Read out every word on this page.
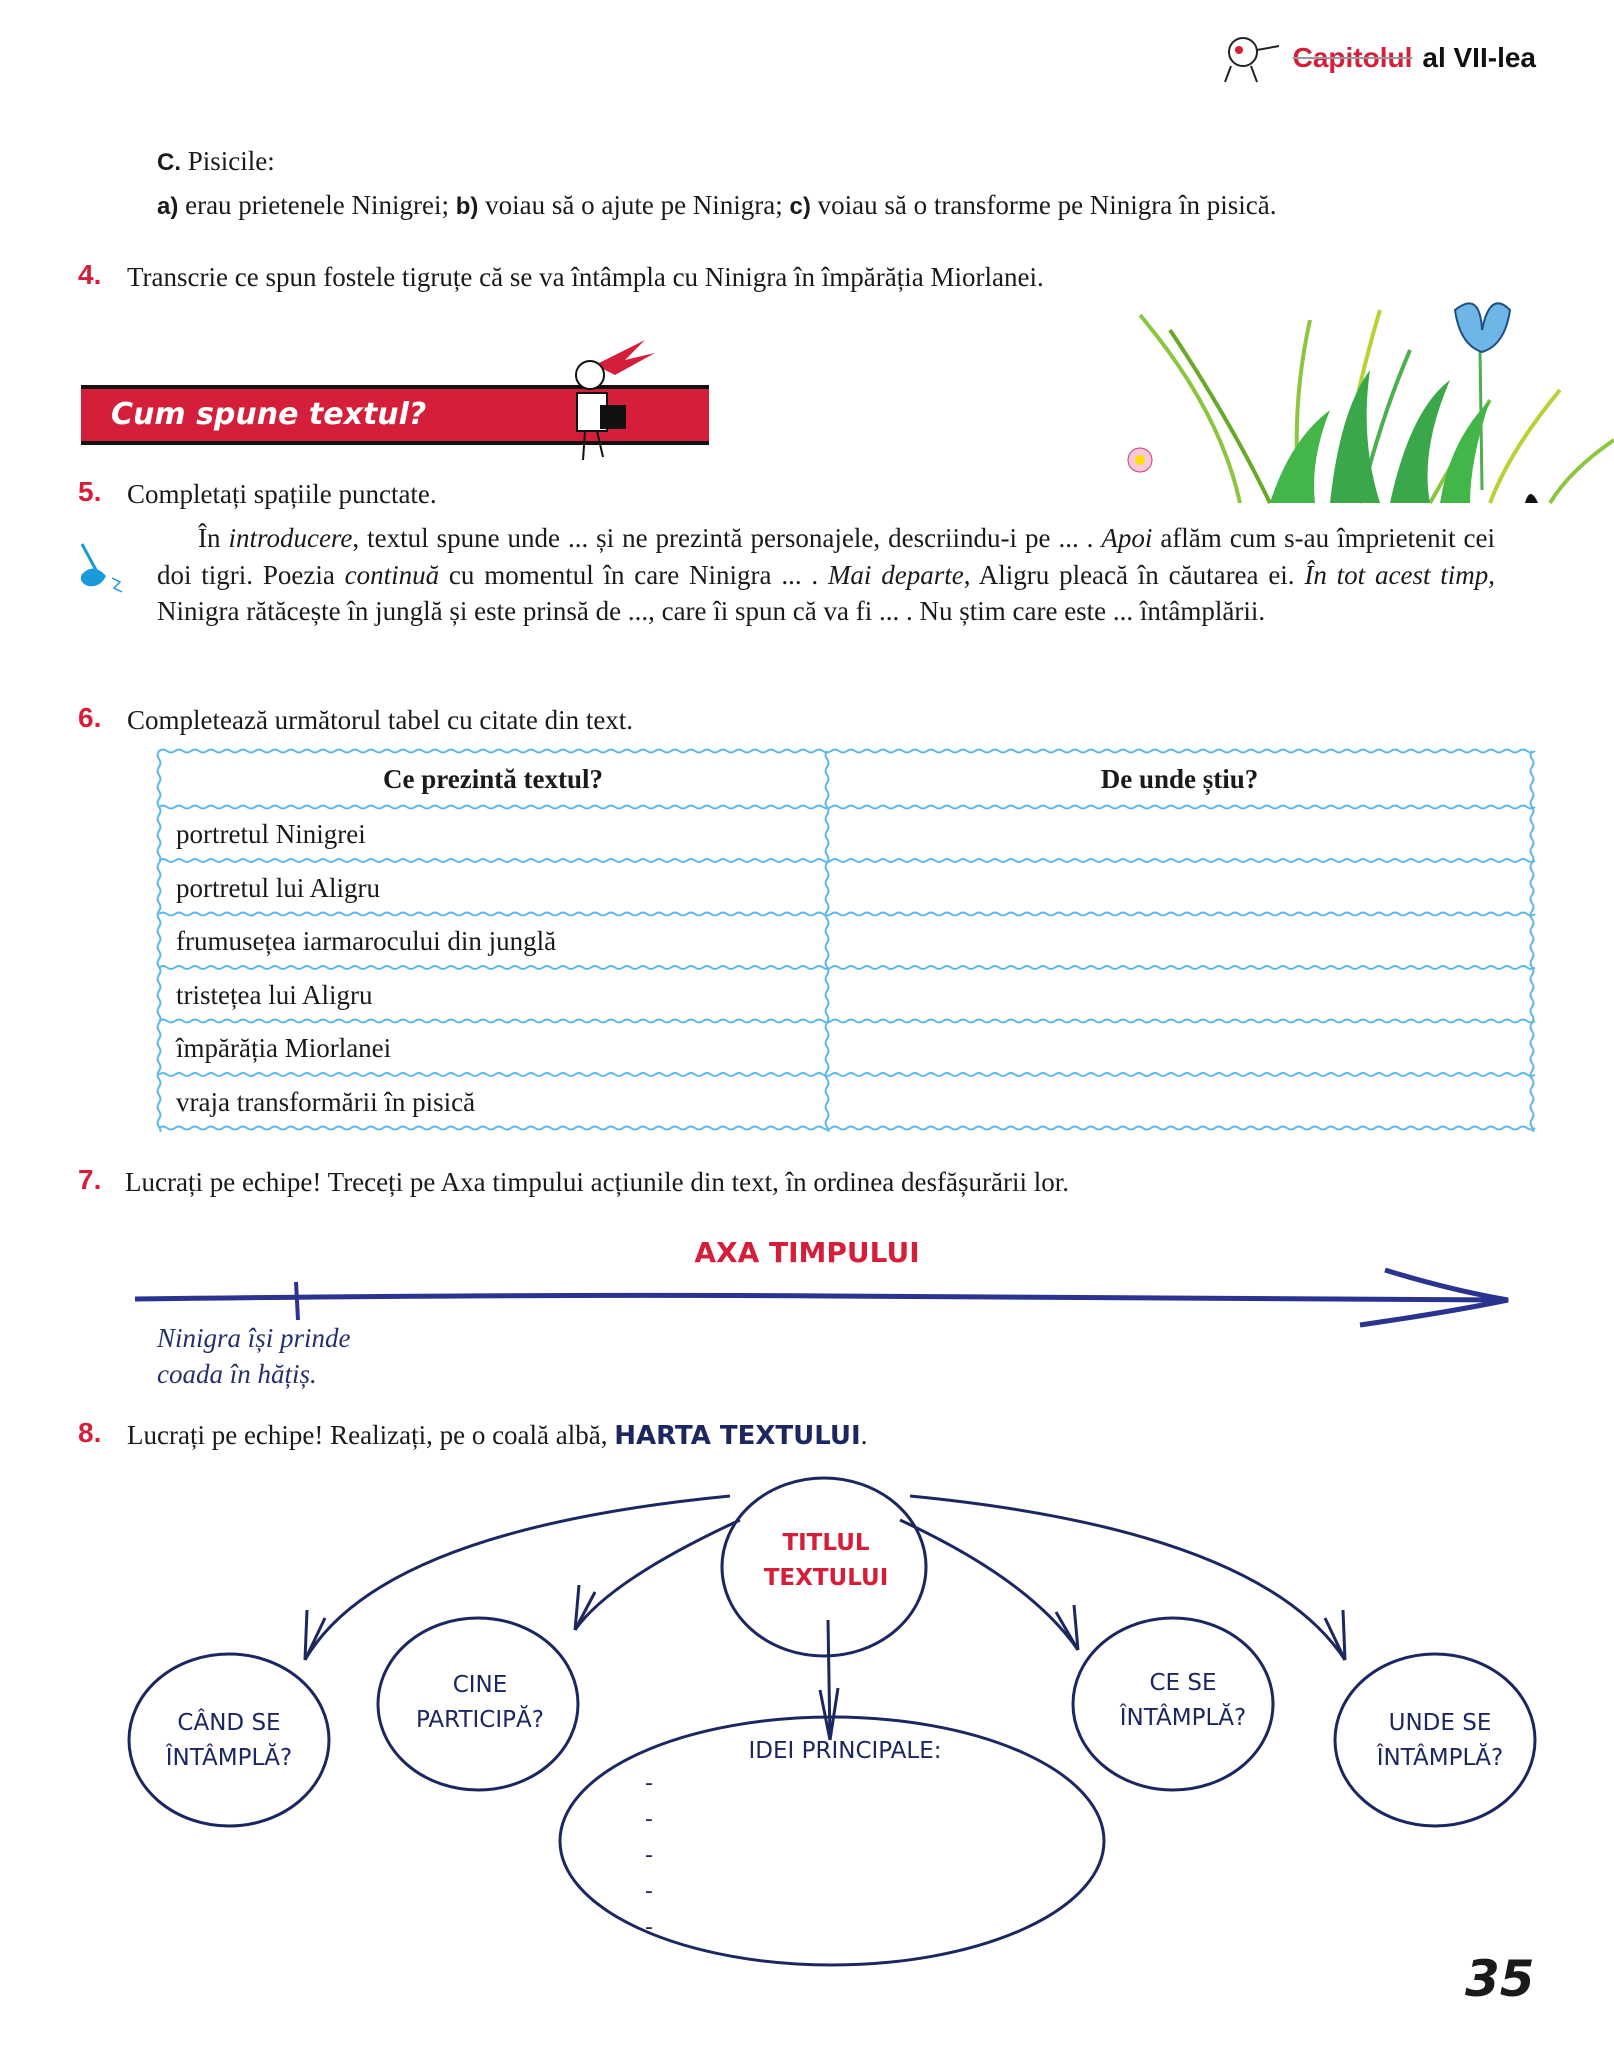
Capitolul al VII-lea
C. Pisicile:
a) erau prietenele Ninigrei; b) voiau să o ajute pe Ninigra; c) voiau să o transforme pe Ninigra în pisică.
4. Transcrie ce spun fostele tigruțe că se va întâmpla cu Ninigra în împărăția Miorlanei.
Cum spune textul?
5. Completați spațiile punctate.
În introducere, textul spune unde ... și ne prezintă personajele, descriindu-i pe ... . Apoi aflăm cum s-au împrietenit cei doi tigri. Poezia continuă cu momentul în care Ninigra ... . Mai departe, Aligru pleacă în căutarea ei. În tot acest timp, Ninigra rătăcește în junglă și este prinsă de ..., care îi spun că va fi ... . Nu știm care este ... întâmplării.
6. Completează următorul tabel cu citate din text.
Ce prezintă textul?	De unde știu?
portretul Ninigrei
portretul lui Aligru
frumusețea iarmarocului din junglă
tristețea lui Aligru
împărăția Miorlanei
vraja transformării în pisică
7. Lucrați pe echipe! Treceți pe Axa timpului acțiunile din text, în ordinea desfășurării lor.
AXA TIMPULUI
Ninigra își prinde
coada în hățiș.
8. Lucrați pe echipe! Realizați, pe o coală albă, HARTA TEXTULUI.
TITLUL
TEXTULUI
CÂND SE
ÎNTÂMPLĂ?
CINE
PARTICIPĂ?
CE SE
ÎNTÂMPLĂ?	UNDE SE
ÎNTÂMPLĂ?
IDEI PRINCIPALE:
-
-
-
-
-
35
